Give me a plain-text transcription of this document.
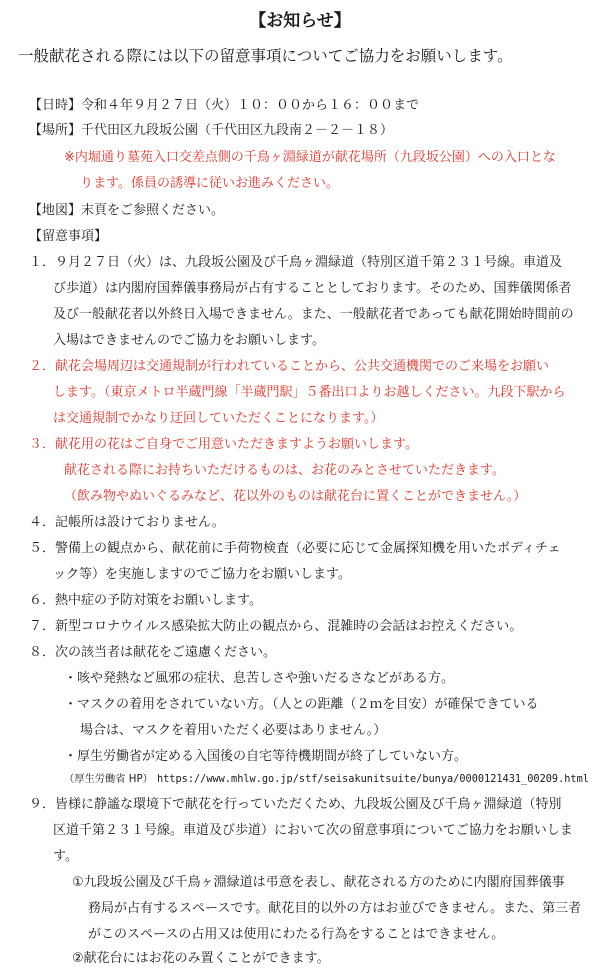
【お知らせ】
一般献花される際には以下の留意事項についてご協力をお願いします。
【日時】令和４年９月２７日（火）１０：００から１６：００まで
【場所】千代田区九段坂公園（千代田区九段南２－２－１８）
※内堀通り墓苑入口交差点側の千鳥ヶ淵緑道が献花場所（九段坂公園）への入口とな
ります。係員の誘導に従いお進みください。
【地図】末頁をご参照ください。
【留意事項】
１．９月２７日（火）は、九段坂公園及び千鳥ヶ淵緑道（特別区道千第２３１号線。車道及
び歩道）は内閣府国葬儀事務局が占有することとしております。そのため、国葬儀関係者
及び一般献花者以外終日入場できません。また、一般献花者であっても献花開始時間前の
入場はできませんのでご協力をお願いします。
２．献花会場周辺は交通規制が行われていることから、公共交通機関でのご来場をお願い
します。（東京メトロ半蔵門線「半蔵門駅」５番出口よりお越しください。九段下駅から
は交通規制でかなり迂回していただくことになります。）
３．献花用の花はご自身でご用意いただきますようお願いします。
献花される際にお持ちいただけるものは、お花のみとさせていただきます。
（飲み物やぬいぐるみなど、花以外のものは献花台に置くことができません。）
４．記帳所は設けておりません。
５．警備上の観点から、献花前に手荷物検査（必要に応じて金属探知機を用いたボディチェ
ック等）を実施しますのでご協力をお願いします。
６．熱中症の予防対策をお願いします。
７．新型コロナウイルス感染拡大防止の観点から、混雑時の会話はお控えください。
８．次の該当者は献花をご遠慮ください。
・咳や発熱など風邪の症状、息苦しさや強いだるさなどがある方。
・マスクの着用をされていない方。（人との距離（２ｍを目安）が確保できている
場合は、マスクを着用いただく必要はありません。）
・厚生労働省が定める入国後の自宅等待機期間が終了していない方。
（厚生労働省 HP） https://www.mhlw.go.jp/stf/seisakunitsuite/bunya/0000121431_00209.html
９．皆様に静謐な環境下で献花を行っていただくため、九段坂公園及び千鳥ヶ淵緑道（特別
区道千第２３１号線。車道及び歩道）において次の留意事項についてご協力をお願いしま
す。
①九段坂公園及び千鳥ヶ淵緑道は弔意を表し、献花される方のために内閣府国葬儀事
務局が占有するスペースです。献花目的以外の方はお並びできません。また、第三者
がこのスペースの占用又は使用にわたる行為をすることはできません。
②献花台にはお花のみ置くことができます。
